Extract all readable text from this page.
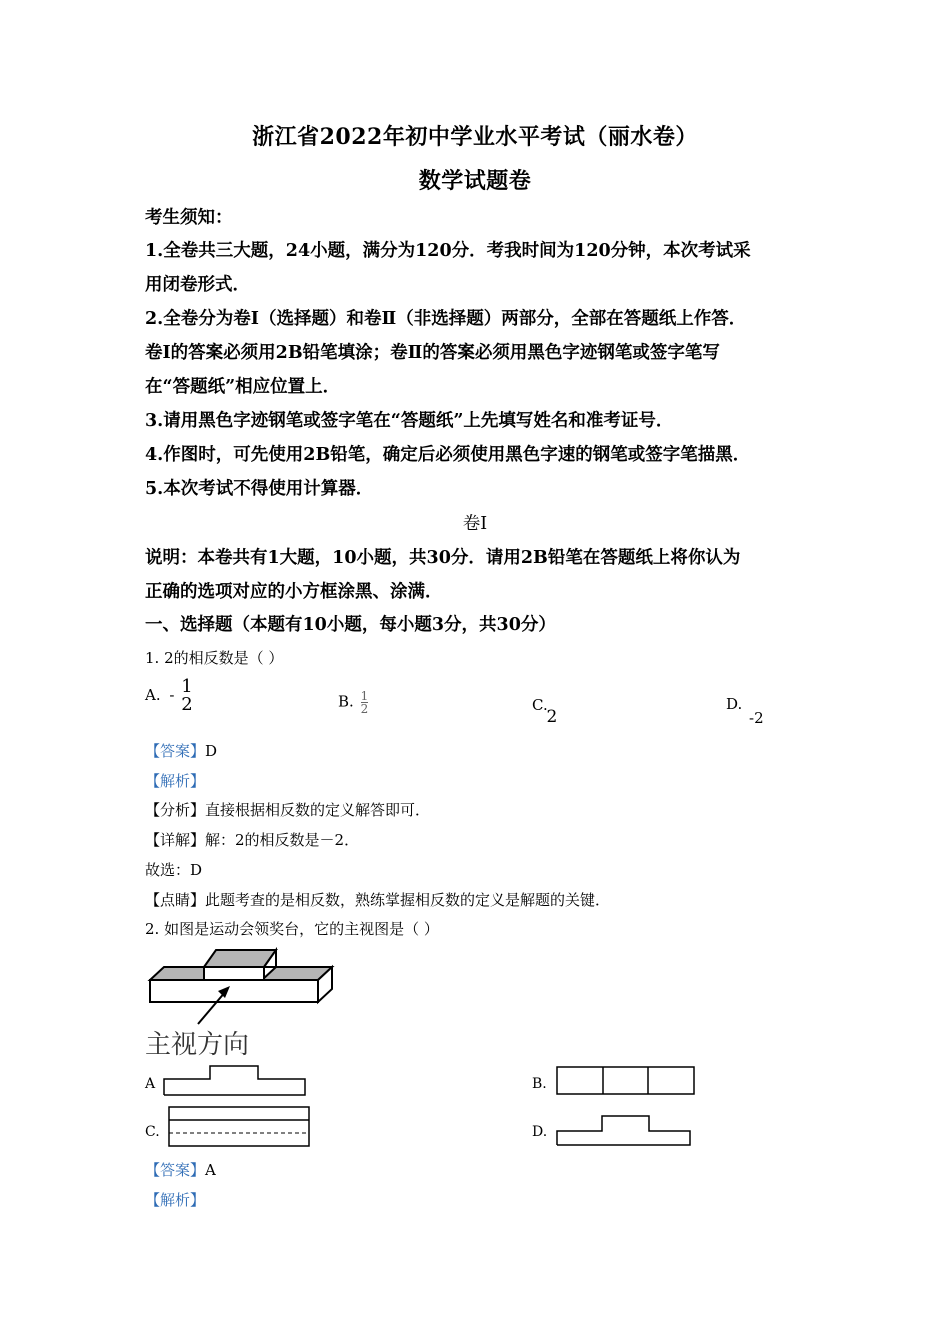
浙江省2022年初中学业水平考试（丽水卷）
数学试题卷
考生须知：
1.全卷共三大题，24小题，满分为120分．考我时间为120分钟，本次考试采
用闭卷形式．
2.全卷分为卷Ⅰ（选择题）和卷Ⅱ（非选择题）两部分，全部在答题纸上作答．
卷Ⅰ的答案必须用2B铅笔填涂；卷Ⅱ的答案必须用黑色字迹钢笔或签字笔写
在“答题纸”相应位置上．
3.请用黑色字迹钢笔或签字笔在“答题纸”上先填写姓名和准考证号．
4.作图时，可先使用2B铅笔，确定后必须使用黑色字速的钢笔或签字笔描黑．
5.本次考试不得使用计算器．
卷Ⅰ
说明：本卷共有1大题，10小题，共30分．请用2B铅笔在答题纸上将你认为
正确的选项对应的小方框涂黑、涂满．
一、选择题（本题有10小题，每小题3分，共30分）
1. 2的相反数是（ ）
A. - 1
2	B. $\frac{1}{2}$	C. 2
D. -2
【答案】D
【解析】
【分析】直接根据相反数的定义解答即可．
【详解】解：2的相反数是－2．
故选：D
【点睛】此题考查的是相反数，熟练掌握相反数的定义是解题的关键．
2. 如图是运动会领奖台，它的主视图是（ ）
主视方向
A	B.
C.	D.
【答案】A
【解析】
